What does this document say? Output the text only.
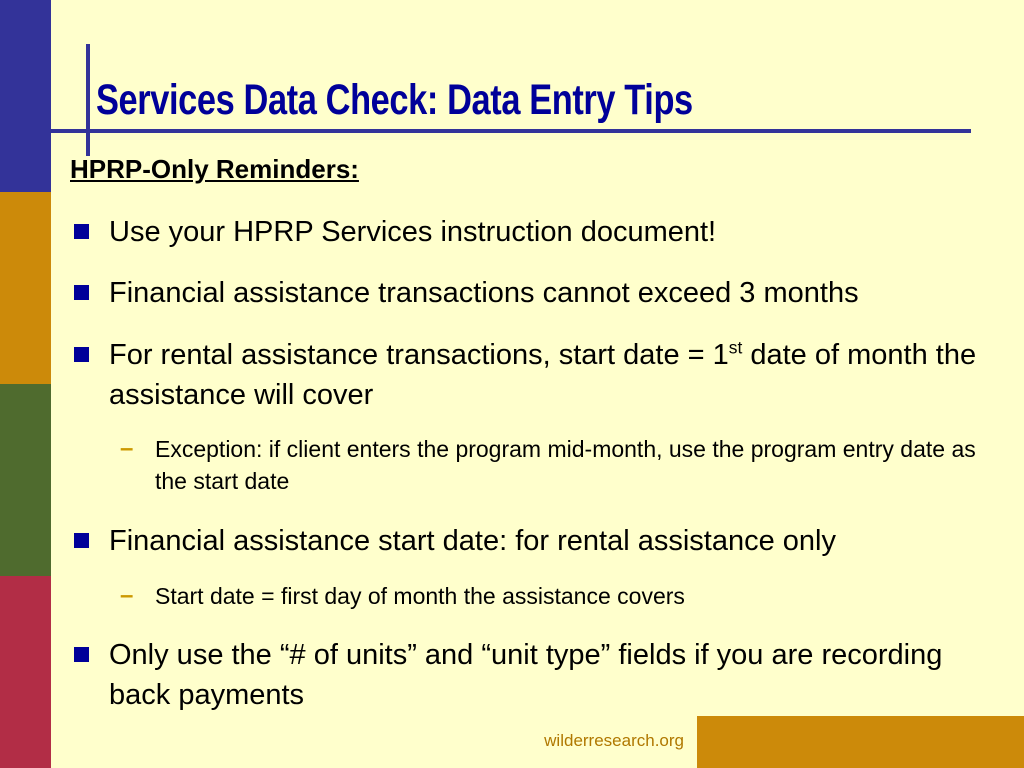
Services Data Check: Data Entry Tips
HPRP-Only Reminders:
Use your HPRP Services instruction document!
Financial assistance transactions cannot exceed 3 months
For rental assistance transactions, start date = 1st date of month the assistance will cover
– Exception: if client enters the program mid-month, use the program entry date as the start date
Financial assistance start date: for rental assistance only
– Start date = first day of month the assistance covers
Only use the “# of units” and “unit type” fields if you are recording back payments
wilderresearch.org
